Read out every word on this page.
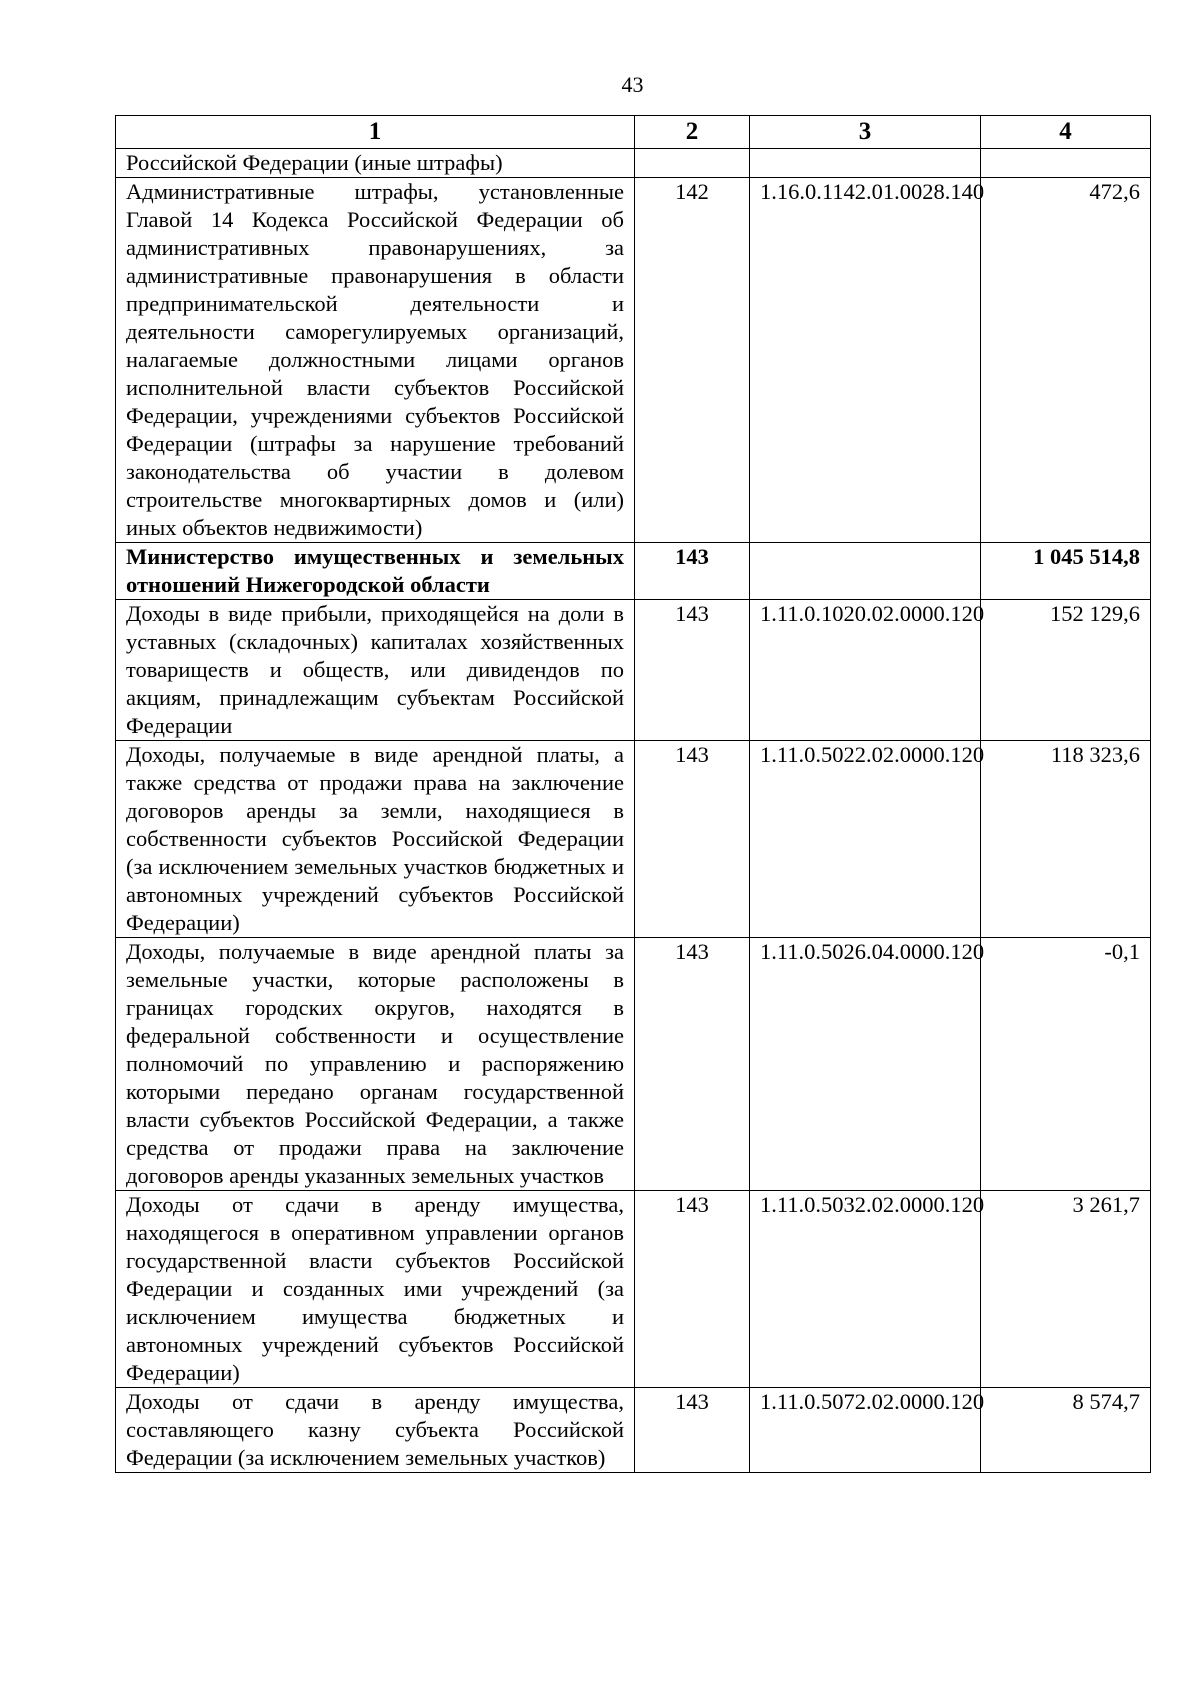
43
1	2	3	4
Российской Федерации (иные штрафы)			
Административные штрафы, установленные Главой 14 Кодекса Российской Федерации об административных правонарушениях, за административные правонарушения в области предпринимательской деятельности и деятельности саморегулируемых организаций, налагаемые должностными лицами органов исполнительной власти субъектов Российской Федерации, учреждениями субъектов Российской Федерации (штрафы за нарушение требований законодательства об участии в долевом строительстве многоквартирных домов и (или) иных объектов недвижимости)	142	1.16.0.1142.01.0028.140	472,6
Министерство имущественных и земельных отношений Нижегородской области	143		1 045 514,8
Доходы в виде прибыли, приходящейся на доли в уставных (складочных) капиталах хозяйственных товариществ и обществ, или дивидендов по акциям, принадлежащим субъектам Российской Федерации	143	1.11.0.1020.02.0000.120	152 129,6
Доходы, получаемые в виде арендной платы, а также средства от продажи права на заключение договоров аренды за земли, находящиеся в собственности субъектов Российской Федерации (за исключением земельных участков бюджетных и автономных учреждений субъектов Российской Федерации)	143	1.11.0.5022.02.0000.120	118 323,6
Доходы, получаемые в виде арендной платы за земельные участки, которые расположены в границах городских округов, находятся в федеральной собственности и осуществление полномочий по управлению и распоряжению которыми передано органам государственной власти субъектов Российской Федерации, а также средства от продажи права на заключение договоров аренды указанных земельных участков	143	1.11.0.5026.04.0000.120	-0,1
Доходы от сдачи в аренду имущества, находящегося в оперативном управлении органов государственной власти субъектов Российской Федерации и созданных ими учреждений (за исключением имущества бюджетных и автономных учреждений субъектов Российской Федерации)	143	1.11.0.5032.02.0000.120	3 261,7
Доходы от сдачи в аренду имущества, составляющего казну субъекта Российской Федерации (за исключением земельных участков)	143	1.11.0.5072.02.0000.120	8 574,7
